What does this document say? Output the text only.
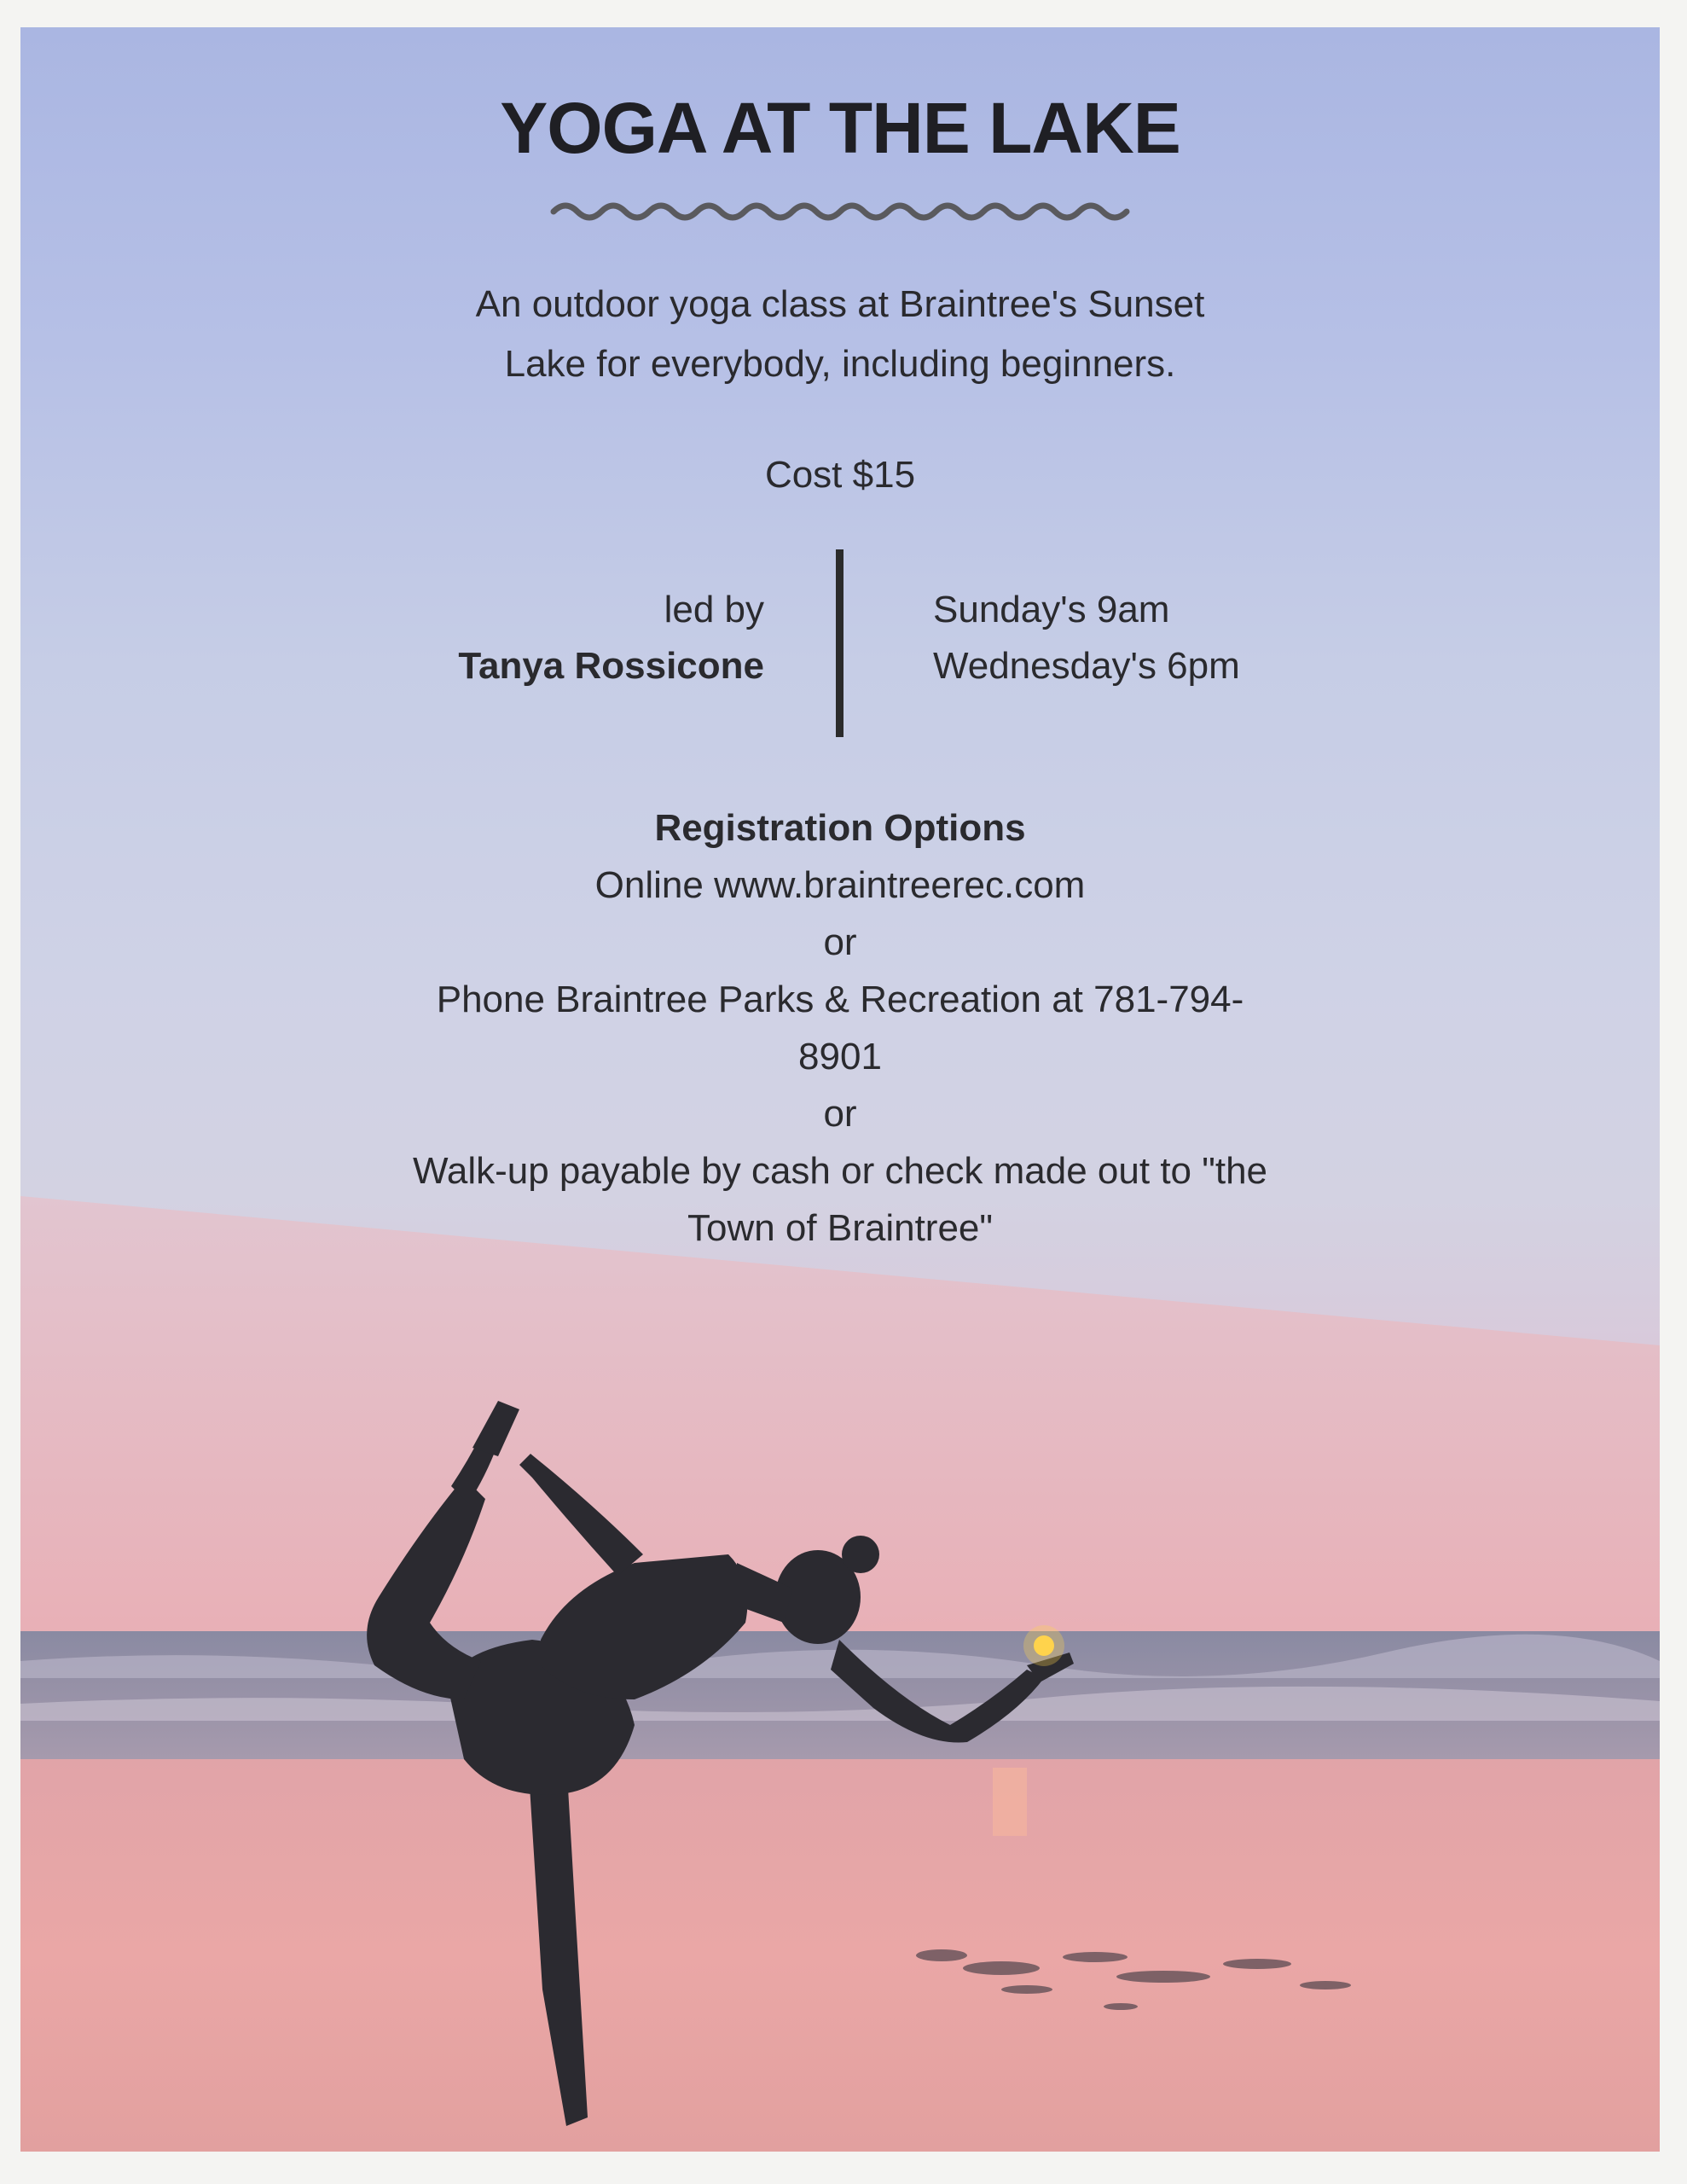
YOGA AT THE LAKE

An outdoor yoga class at Braintree's Sunset
Lake for everybody, including beginners.

Cost $15

led by
Tanya Rossicone
Sunday's 9am
Wednesday's 6pm
Registration Options
Online www.braintreerec.com
or
Phone Braintree Parks & Recreation at 781-794-
8901
or
Walk-up payable by cash or check made out to "the
Town of Braintree"
